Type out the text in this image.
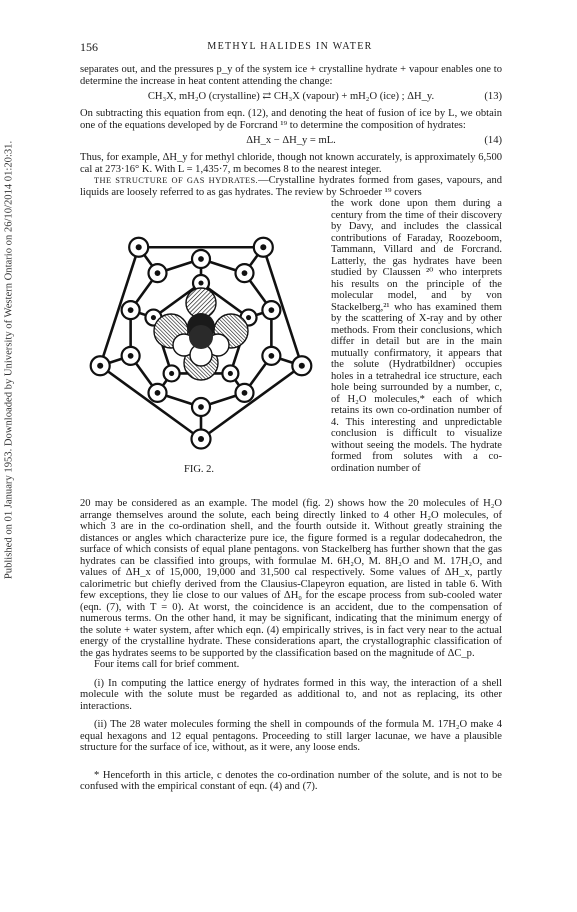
Published on 01 January 1953. Downloaded by University of Western Ontario on 26/10/2014 01:20:31.
156	METHYL HALIDES IN WATER

separates out, and the pressures p_y of the system ice + crystalline hydrate + vapour enables one to determine the increase in heat content attending the change:

CH₃X, mH₂O (crystalline) ⇄ CH₃X (vapour) + mH₂O (ice) ; ΔH_y.	(13)

On subtracting this equation from eqn. (12), and denoting the heat of fusion of ice by L, we obtain one of the equations developed by de Forcrand ¹⁹ to determine the composition of hydrates:

ΔH_x − ΔH_y = mL.	(14)

Thus, for example, ΔH_y for methyl chloride, though not known accurately, is approximately 6,500 cal at 273·16° K. With L = 1,435·7, m becomes 8 to the nearest integer.

THE STRUCTURE OF GAS HYDRATES.—Crystalline hydrates formed from gases, vapours, and liquids are loosely referred to as gas hydrates. The review by Schroeder ¹⁹ covers

FIG. 2.

the work done upon them during a century from the time of their discovery by Davy, and includes the classical contributions of Faraday, Roozeboom, Tammann, Villard and de Forcrand. Latterly, the gas hydrates have been studied by Claussen ²⁰ who interprets his results on the principle of the molecular model, and by von Stackelberg,²¹ who has examined them by the scattering of X-ray and by other methods. From their conclusions, which differ in detail but are in the main mutually confirmatory, it appears that the solute (Hydratbildner) occupies holes in a tetrahedral ice structure, each hole being surrounded by a number, c, of H₂O molecules,* each of which retains its own co-ordination number of 4. This interesting and unpredictable conclusion is difficult to visualize without seeing the models. The hydrate formed from solutes with a co-ordination number of

20 may be considered as an example. The model (fig. 2) shows how the 20 molecules of H₂O arrange themselves around the solute, each being directly linked to 4 other H₂O molecules, of which 3 are in the co-ordination shell, and the fourth outside it. Without greatly straining the distances or angles which characterize pure ice, the figure formed is a regular dodecahedron, the surface of which consists of equal plane pentagons. von Stackelberg has further shown that the gas hydrates can be classified into groups, with formulae M. 6H₂O, M. 8H₂O and M. 17H₂O, and values of ΔH_x of 15,000, 19,000 and 31,500 cal respectively. Some values of ΔH_x, partly calorimetric but chiefly derived from the Clausius-Clapeyron equation, are listed in table 6. With few exceptions, they lie close to our values of ΔH₀ for the escape process from sub-cooled water (eqn. (7), with T = 0). At worst, the coincidence is an accident, due to the compensation of numerous terms. On the other hand, it may be significant, indicating that the minimum energy of the solute + water system, after which eqn. (4) empirically strives, is in fact very near to the actual energy of the crystalline hydrate. These considerations apart, the crystallographic classification of the gas hydrates seems to be supported by the classification based on the magnitude of ΔC_p.

Four items call for brief comment.

(i) In computing the lattice energy of hydrates formed in this way, the interaction of a shell molecule with the solute must be regarded as additional to, and not as replacing, its other interactions.

(ii) The 28 water molecules forming the shell in compounds of the formula M. 17H₂O make 4 equal hexagons and 12 equal pentagons. Proceeding to still larger lacunae, we have a plausible structure for the surface of ice, without, as it were, any loose ends.

* Henceforth in this article, c denotes the co-ordination number of the solute, and is not to be confused with the empirical constant of eqn. (4) and (7).
